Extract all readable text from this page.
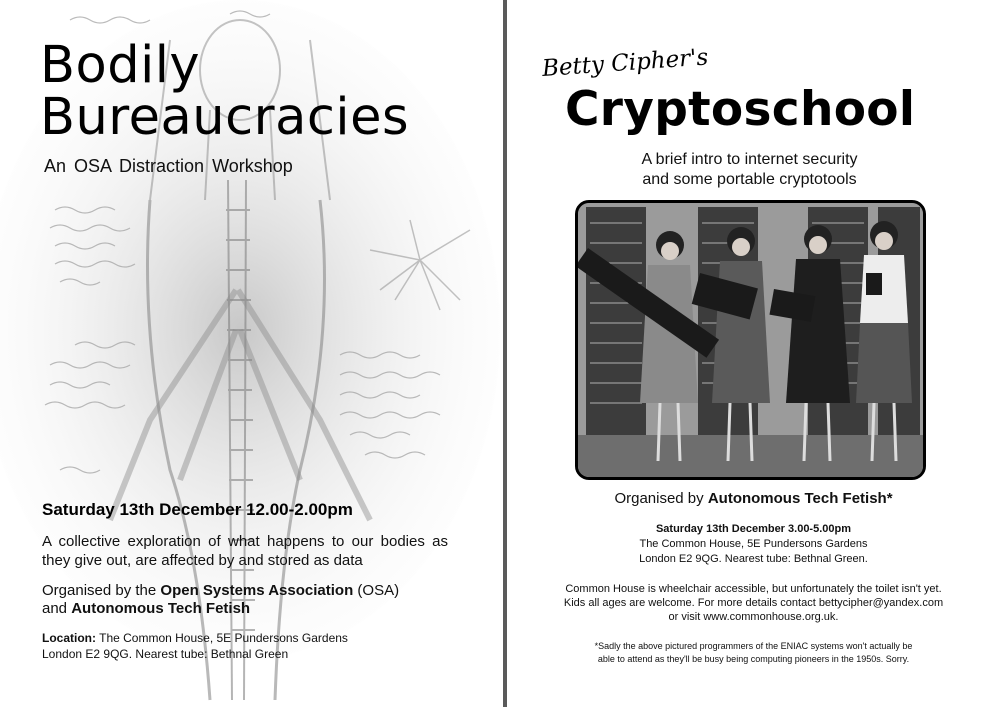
Bodily
Bureaucracies
An OSA Distraction Workshop
Saturday 13th December 12.00-2.00pm
A collective exploration of what happens to our bodies as they give out, are affected by and stored as data
Organised by the Open Systems Association (OSA)
and Autonomous Tech Fetish
Location: The Common House, 5E Pundersons Gardens
London E2 9QG. Nearest tube: Bethnal Green
Betty Cipher's
Cryptoschool
A brief intro to internet security
and some portable cryptotools
Organised by Autonomous Tech Fetish*
Saturday 13th December 3.00-5.00pm
The Common House, 5E Pundersons Gardens
London E2 9QG. Nearest tube: Bethnal Green.
Common House is wheelchair accessible, but unfortunately the toilet isn't yet.
Kids all ages are welcome. For more details contact bettycipher@yandex.com
or visit www.commonhouse.org.uk.
*Sadly the above pictured programmers of the ENIAC systems won't actually be
able to attend as they'll be busy being computing pioneers in the 1950s. Sorry.
